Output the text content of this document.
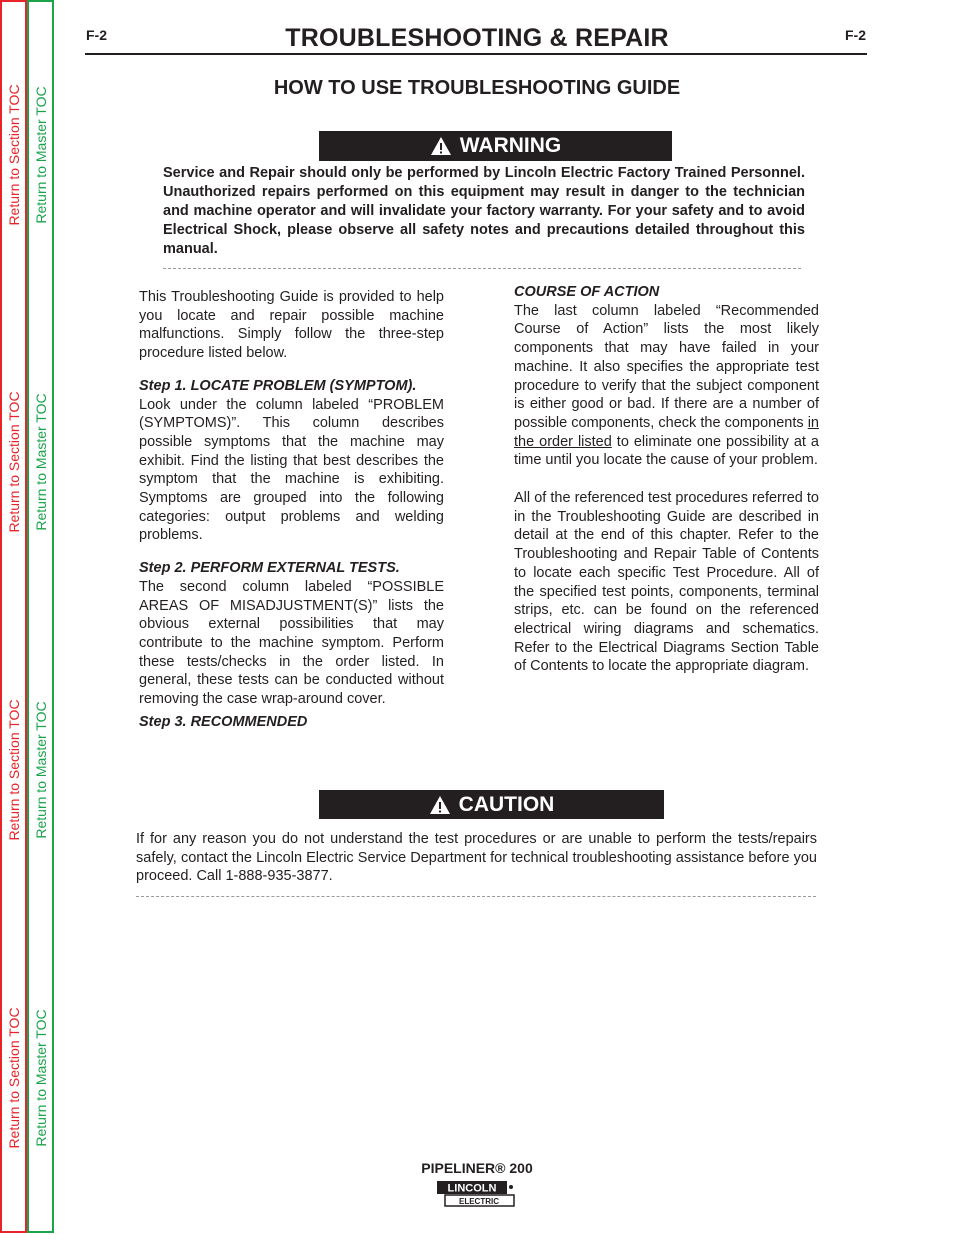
Return to Section TOC Return to Master TOC
Return to Section TOC Return to Master TOC
Return to Section TOC Return to Master TOC
Return to Section TOC Return to Master TOC
F-2	F-2
TROUBLESHOOTING & REPAIR
HOW TO USE TROUBLESHOOTING GUIDE
WARNING
Service and Repair should only be performed by Lincoln Electric Factory Trained Personnel. Unauthorized repairs performed on this equipment may result in danger to the technician and machine operator and will invalidate your factory warranty. For your safety and to avoid Electrical Shock, please observe all safety notes and precautions detailed throughout this manual.

This Troubleshooting Guide is provided to help you locate and repair possible machine malfunctions. Simply follow the three-step procedure listed below.

Step 1. LOCATE PROBLEM (SYMPTOM).

Look under the column labeled “PROBLEM (SYMPTOMS)”. This column describes possible symptoms that the machine may exhibit. Find the listing that best describes the symptom that the machine is exhibiting. Symptoms are grouped into the following categories: output problems and welding problems.

Step 2. PERFORM EXTERNAL TESTS.

The second column labeled “POSSIBLE AREAS OF MISADJUSTMENT(S)” lists the obvious external possibilities that may contribute to the machine symptom. Perform these tests/checks in the order listed. In general, these tests can be conducted without removing the case wrap-around cover.

Step 3. RECOMMENDED

COURSE OF ACTION

The last column labeled “Recommended Course of Action” lists the most likely components that may have failed in your machine. It also specifies the appropriate test procedure to verify that the subject component is either good or bad. If there are a number of possible components, check the components in the order listed to eliminate one possibility at a time until you locate the cause of your problem.

All of the referenced test procedures referred to in the Troubleshooting Guide are described in detail at the end of this chapter. Refer to the Troubleshooting and Repair Table of Contents to locate each specific Test Procedure. All of the specified test points, components, terminal strips, etc. can be found on the referenced electrical wiring diagrams and schematics. Refer to the Electrical Diagrams Section Table of Contents to locate the appropriate diagram.

CAUTION
If for any reason you do not understand the test procedures or are unable to perform the tests/repairs safely, contact the Lincoln Electric Service Department for technical troubleshooting assistance before you proceed. Call 1-888-935-3877.
PIPELINER® 200
LINCOLN
ELECTRIC
